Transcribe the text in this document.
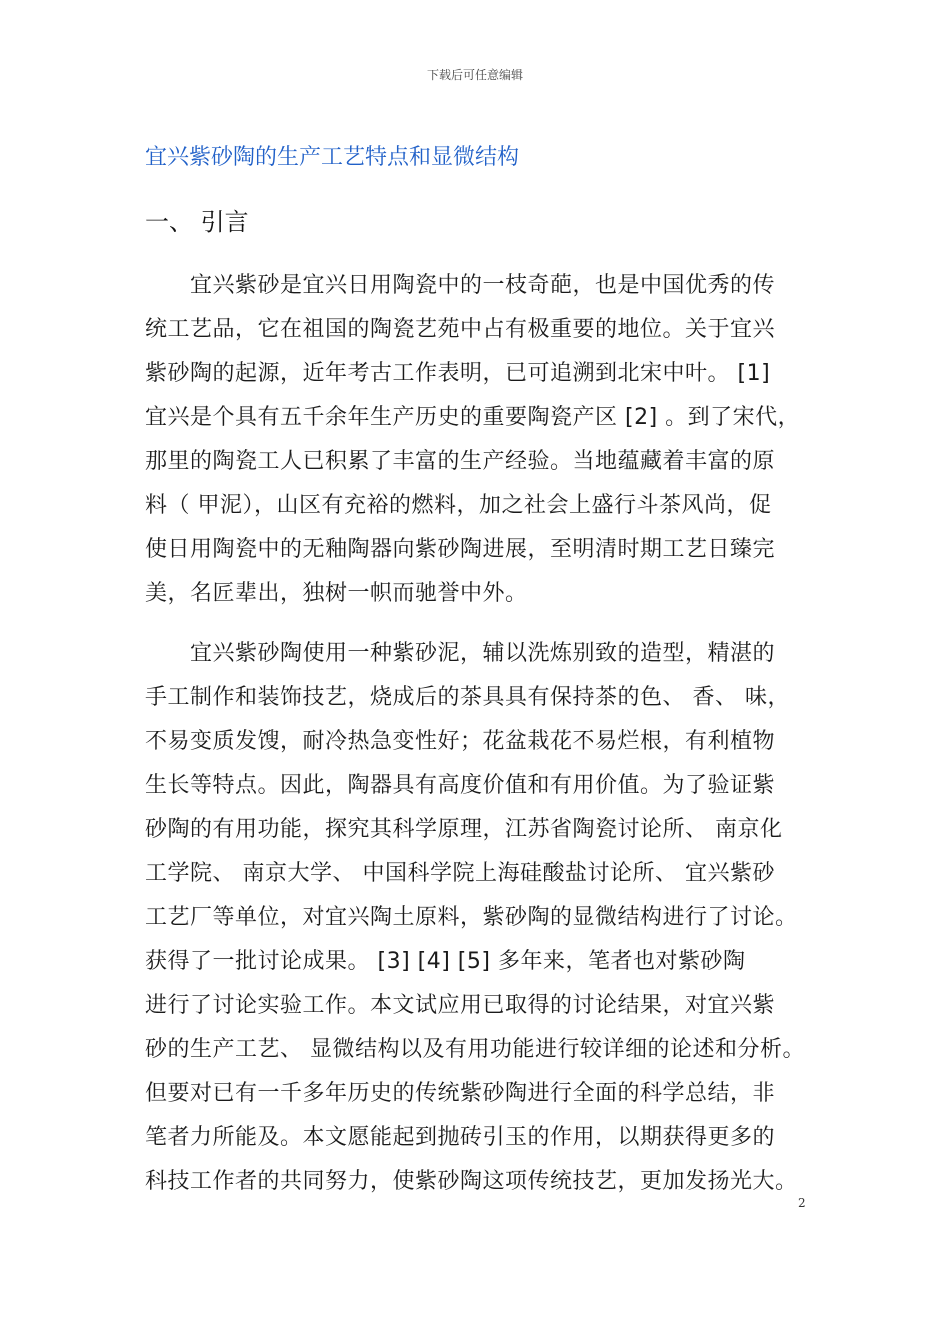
下载后可任意编辑
宜兴紫砂陶的生产工艺特点和显微结构
一、 引言
　　宜兴紫砂是宜兴日用陶瓷中的一枝奇葩，也是中国优秀的传
统工艺品，它在祖国的陶瓷艺苑中占有极重要的地位。关于宜兴
紫砂陶的起源，近年考古工作表明，已可追溯到北宋中叶。 [1]
宜兴是个具有五千余年生产历史的重要陶瓷产区 [2] 。到了宋代，
那里的陶瓷工人已积累了丰富的生产经验。当地蕴藏着丰富的原
料（ 甲泥），山区有充裕的燃料，加之社会上盛行斗茶风尚，促
使日用陶瓷中的无釉陶器向紫砂陶进展，至明清时期工艺日臻完
美，名匠辈出，独树一帜而驰誉中外。
　　宜兴紫砂陶使用一种紫砂泥，辅以洗炼别致的造型，精湛的
手工制作和装饰技艺，烧成后的茶具具有保持茶的色、 香、 味，
不易变质发馊，耐冷热急变性好；花盆栽花不易烂根，有利植物
生长等特点。因此，陶器具有高度价值和有用价值。为了验证紫
砂陶的有用功能，探究其科学原理，江苏省陶瓷讨论所、 南京化
工学院、 南京大学、 中国科学院上海硅酸盐讨论所、 宜兴紫砂
工艺厂等单位，对宜兴陶土原料，紫砂陶的显微结构进行了讨论。
获得了一批讨论成果。 [3] [4] [5] 多年来，笔者也对紫砂陶
进行了讨论实验工作。本文试应用已取得的讨论结果，对宜兴紫
砂的生产工艺、 显微结构以及有用功能进行较详细的论述和分析。
但要对已有一千多年历史的传统紫砂陶进行全面的科学总结，非
笔者力所能及。本文愿能起到抛砖引玉的作用，以期获得更多的
科技工作者的共同努力，使紫砂陶这项传统技艺，更加发扬光大。
2
